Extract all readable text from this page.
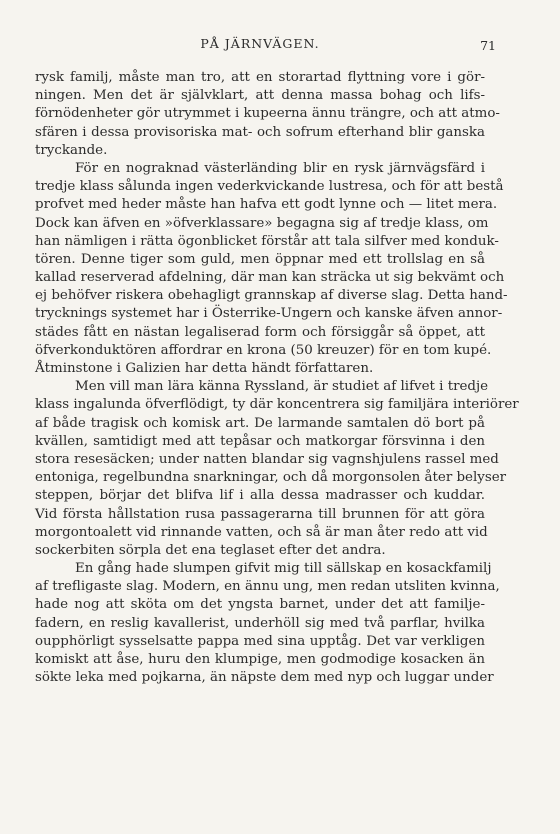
PÅ JÄRNVÄGEN.	71
rysk familj, måste man tro, att en storartad flyttning vore i gör-
ningen. Men det är självklart, att denna massa bohag och lifs-
förnödenheter gör utrymmet i kupeerna ännu trängre, och att atmo-
sfären i dessa provisoriska mat- och sofrum efterhand blir ganska
tryckande.
För en nograknad västerländing blir en rysk järnvägsfärd i
tredje klass sålunda ingen vederkvickande lustresa, och för att bestå
profvet med heder måste han hafva ett godt lynne och — litet mera.
Dock kan äfven en »öfverklassare» begagna sig af tredje klass, om
han nämligen i rätta ögonblicket förstår att tala silfver med konduk-
tören. Denne tiger som guld, men öppnar med ett trollslag en så
kallad reserverad afdelning, där man kan sträcka ut sig bekvämt och
ej behöfver riskera obehagligt grannskap af diverse slag. Detta hand-
trycknings systemet har i Österrike-Ungern och kanske äfven annor-
städes fått en nästan legaliserad form och försiggår så öppet, att
öfverkonduktören affordrar en krona (50 kreuzer) för en tom kupé.
Åtminstone i Galizien har detta händt författaren.
Men vill man lära känna Ryssland, är studiet af lifvet i tredje
klass ingalunda öfverflödigt, ty där koncentrera sig familjära interiörer
af både tragisk och komisk art. De larmande samtalen dö bort på
kvällen, samtidigt med att tepåsar och matkorgar försvinna i den
stora resesäcken; under natten blandar sig vagnshjulens rassel med
entoniga, regelbundna snarkningar, och då morgonsolen åter belyser
steppen, börjar det blifva lif i alla dessa madrasser och kuddar.
Vid första hållstation rusa passagerarna till brunnen för att göra
morgontoalett vid rinnande vatten, och så är man åter redo att vid
sockerbiten sörpla det ena teglaset efter det andra.
En gång hade slumpen gifvit mig till sällskap en kosackfamilj
af trefligaste slag. Modern, en ännu ung, men redan utsliten kvinna,
hade nog att sköta om det yngsta barnet, under det att familje-
fadern, en reslig kavallerist, underhöll sig med två parflar, hvilka
oupphörligt sysselsatte pappa med sina upptåg. Det var verkligen
komiskt att åse, huru den klumpige, men godmodige kosacken än
sökte leka med pojkarna, än näpste dem med nyp och luggar under
